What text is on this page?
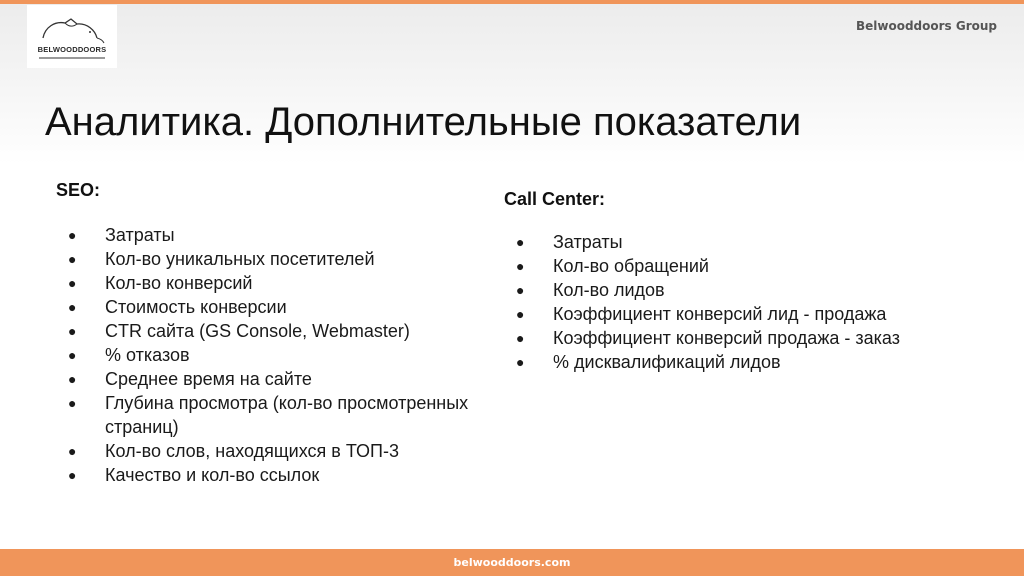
BELWOODDOORS
Belwooddoors Group
Аналитика. Дополнительные показатели
SEO:
● Затраты
● Кол-во уникальных посетителей
● Кол-во конверсий
● Стоимость конверсии
● CTR сайта (GS Console, Webmaster)
● % отказов
● Среднее время на сайте
● Глубина просмотра (кол-во просмотренных страниц)
● Кол-во слов, находящихся в ТОП-3
● Качество и кол-во ссылок
Call Center:
● Затраты
● Кол-во обращений
● Кол-во лидов
● Коэффициент конверсий лид - продажа
● Коэффициент конверсий продажа - заказ
● % дисквалификаций лидов
belwooddoors.com
